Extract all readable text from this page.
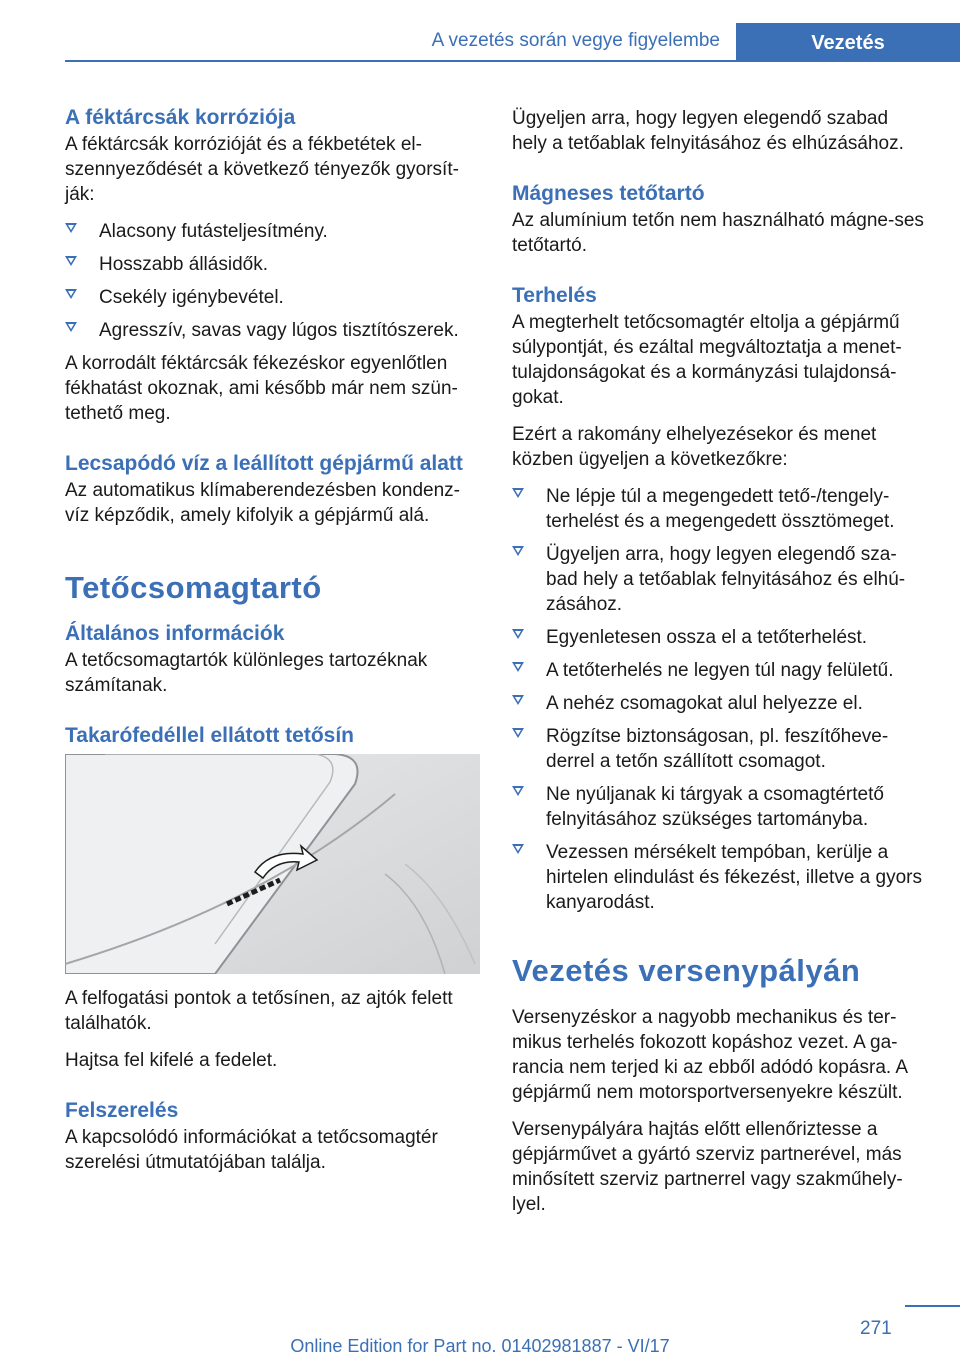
A vezetés során vegye figyelembe	Vezetés
A féktárcsák korróziója

A féktárcsák korrózióját és a fékbetétek el-szennyeződését a következő tényezők gyorsít-ják:

Alacsony futásteljesítmény.
Hosszabb állásidők.
Csekély igénybevétel.
Agresszív, savas vagy lúgos tisztítószerek.

A korrodált féktárcsák fékezéskor egyenlőtlen fékhatást okoznak, ami később már nem szün-tethető meg.

Lecsapódó víz a leállított gépjármű alatt

Az automatikus klímaberendezésben kondenz-víz képződik, amely kifolyik a gépjármű alá.

Tetőcsomagtartó
Általános információk

A tetőcsomagtartók különleges tartozéknak számítanak.

Takarófedéllel ellátott tetősín

A felfogatási pontok a tetősínen, az ajtók felett találhatók.

Hajtsa fel kifelé a fedelet.

Felszerelés

A kapcsolódó információkat a tetőcsomagtér szerelési útmutatójában találja.

Ügyeljen arra, hogy legyen elegendő szabad hely a tetőablak felnyitásához és elhúzásához.

Mágneses tetőtartó

Az alumínium tetőn nem használható mágne-ses tetőtartó.

Terhelés

A megterhelt tetőcsomagtér eltolja a gépjármű súlypontját, és ezáltal megváltoztatja a menet-tulajdonságokat és a kormányzási tulajdonsá-gokat.

Ezért a rakomány elhelyezésekor és menet közben ügyeljen a következőkre:

Ne lépje túl a megengedett tető-/tengely-terhelést és a megengedett össztömeget.
Ügyeljen arra, hogy legyen elegendő sza-bad hely a tetőablak felnyitásához és elhú-zásához.
Egyenletesen ossza el a tetőterhelést.
A tetőterhelés ne legyen túl nagy felületű.
A nehéz csomagokat alul helyezze el.
Rögzítse biztonságosan, pl. feszítőheve-derrel a tetőn szállított csomagot.
Ne nyúljanak ki tárgyak a csomagtértető felnyitásához szükséges tartományba.
Vezessen mérsékelt tempóban, kerülje a hirtelen elindulást és fékezést, illetve a gyors kanyarodást.
Vezetés versenypályán

Versenyzéskor a nagyobb mechanikus és ter-mikus terhelés fokozott kopáshoz vezet. A ga-rancia nem terjed ki az ebből adódó kopásra. A gépjármű nem motorsportversenyekre készült.

Versenypályára hajtás előtt ellenőriztesse a gépjárművet a gyártó szerviz partnerével, más minősített szerviz partnerrel vagy szakműhely-lyel.

271
Online Edition for Part no. 01402981887 - VI/17
